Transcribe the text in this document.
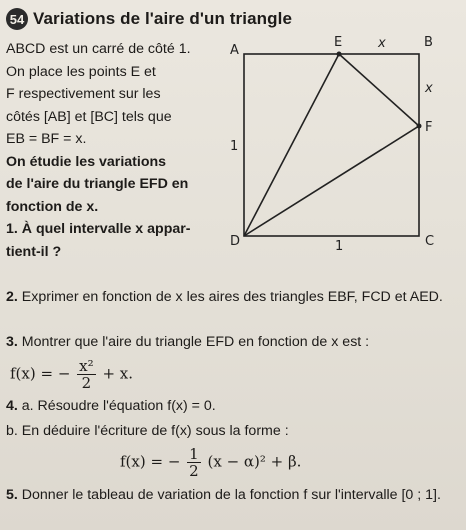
54 Variations de l'aire d'un triangle
ABCD est un carré de côté 1.
On place les points E et
F respectivement sur les
côtés [AB] et [BC] tels que
EB = BF = x.
On étudie les variations
de l'aire du triangle EFD en
fonction de x.
1. À quel intervalle x appar-
tient-il ?
A
E	B
F
C
D
x
x
1
1
2. Exprimer en fonction de x les aires des triangles EBF, FCD et AED.
3. Montrer que l'aire du triangle EFD en fonction de x est :
f(x) = − $\frac{\text{x²}}{2} + x$.
4. a. Résoudre l'équation f(x) = 0.
b. En déduire l'écriture de f(x) sous la forme :
f(x) = − $\frac{1}{2} (x - \alpha)^2 + \beta$.
5. Donner le tableau de variation de la fonction f sur l'intervalle [0 ; 1].
